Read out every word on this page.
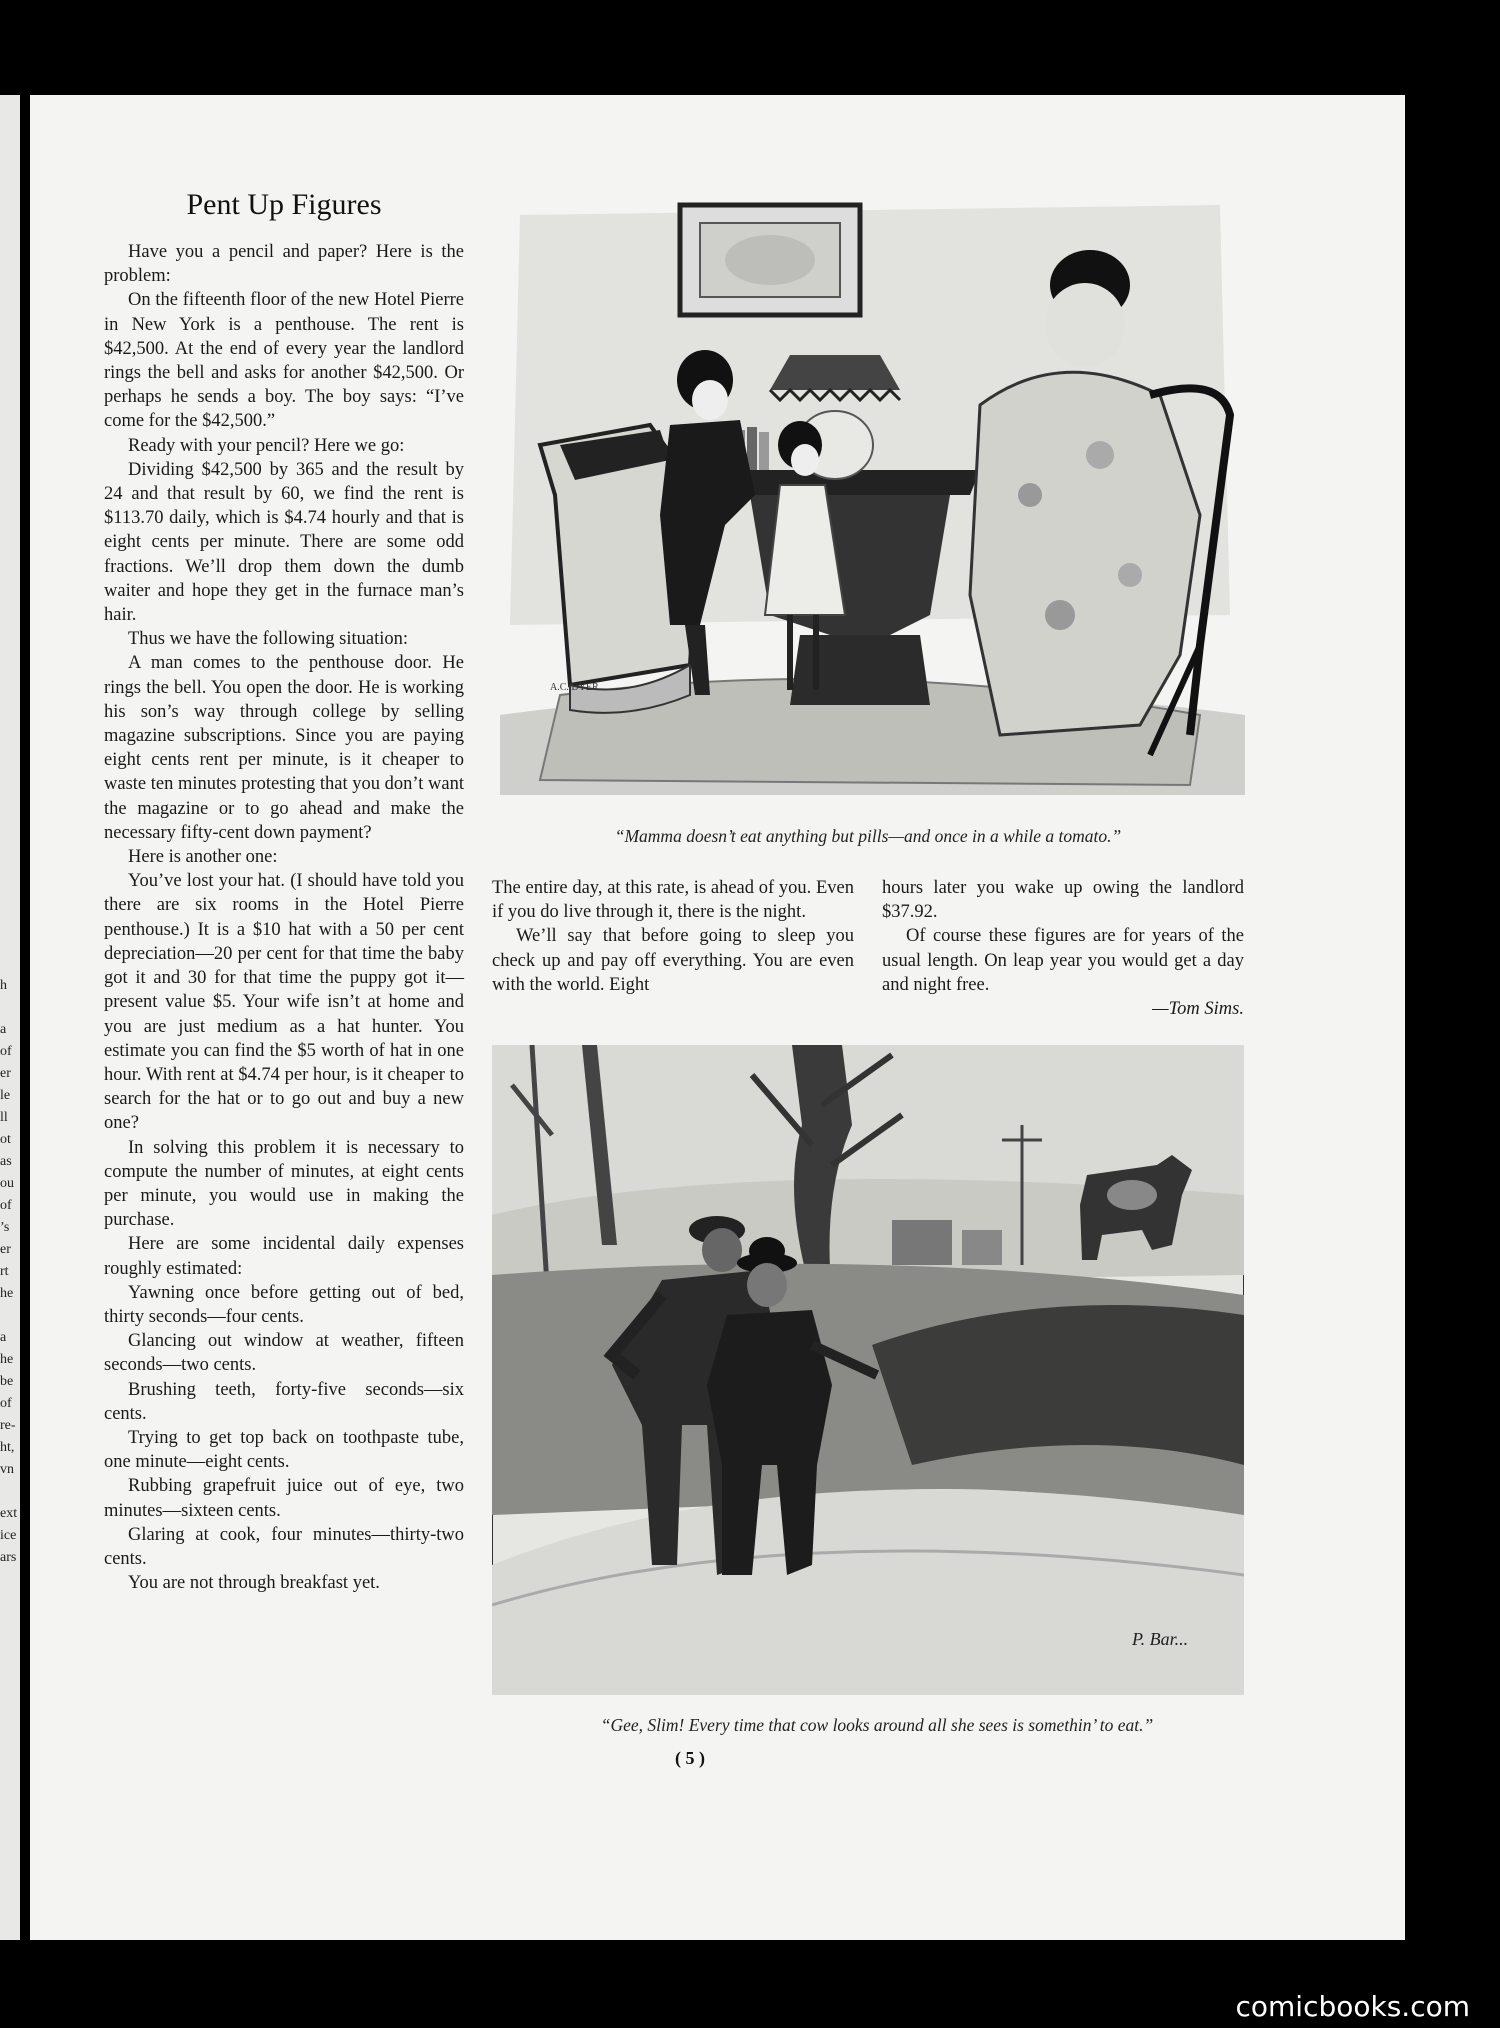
h
a
of
er
le
ll
ot
as
ou
of
’s
er
rt
he
a
he
be
of
re-
ht,
vn
ext
ice
ars
Pent Up Figures

Have you a pencil and paper? Here is the problem:

On the fifteenth floor of the new Hotel Pierre in New York is a penthouse. The rent is $42,500. At the end of every year the landlord rings the bell and asks for another $42,500. Or perhaps he sends a boy. The boy says: “I’ve come for the $42,500.”

Ready with your pencil? Here we go:

Dividing $42,500 by 365 and the result by 24 and that result by 60, we find the rent is $113.70 daily, which is $4.74 hourly and that is eight cents per minute. There are some odd fractions. We’ll drop them down the dumb waiter and hope they get in the furnace man’s hair.

Thus we have the following situation:

A man comes to the penthouse door. He rings the bell. You open the door. He is working his son’s way through college by selling magazine subscriptions. Since you are paying eight cents rent per minute, is it cheaper to waste ten minutes protesting that you don’t want the magazine or to go ahead and make the necessary fifty-cent down payment?

Here is another one:

You’ve lost your hat. (I should have told you there are six rooms in the Hotel Pierre penthouse.) It is a $10 hat with a 50 per cent depreciation—20 per cent for that time the baby got it and 30 for that time the puppy got it—present value $5. Your wife isn’t at home and you are just medium as a hat hunter. You estimate you can find the $5 worth of hat in one hour. With rent at $4.74 per hour, is it cheaper to search for the hat or to go out and buy a new one?

In solving this problem it is necessary to compute the number of minutes, at eight cents per minute, you would use in making the purchase.

Here are some incidental daily expenses roughly estimated:

Yawning once before getting out of bed, thirty seconds—four cents.

Glancing out window at weather, fifteen seconds—two cents.

Brushing teeth, forty-five seconds—six cents.

Trying to get top back on toothpaste tube, one minute—eight cents.

Rubbing grapefruit juice out of eye, two minutes—sixteen cents.

Glaring at cook, four minutes—thirty-two cents.

You are not through breakfast yet.

The entire day, at this rate, is ahead of you. Even if you do live through it, there is the night.

We’ll say that before going to sleep you check up and pay off everything. You are even with the world. Eight

hours later you wake up owing the landlord $37.92.

Of course these figures are for years of the usual length. On leap year you would get a day and night free.

—Tom Sims.
A.C. DYER
“Mamma doesn’t eat anything but pills—and once in a while a tomato.”
P. Bar...
“Gee, Slim! Every time that cow looks around all she sees is somethin’ to eat.”
( 5 )
comicbooks.com
